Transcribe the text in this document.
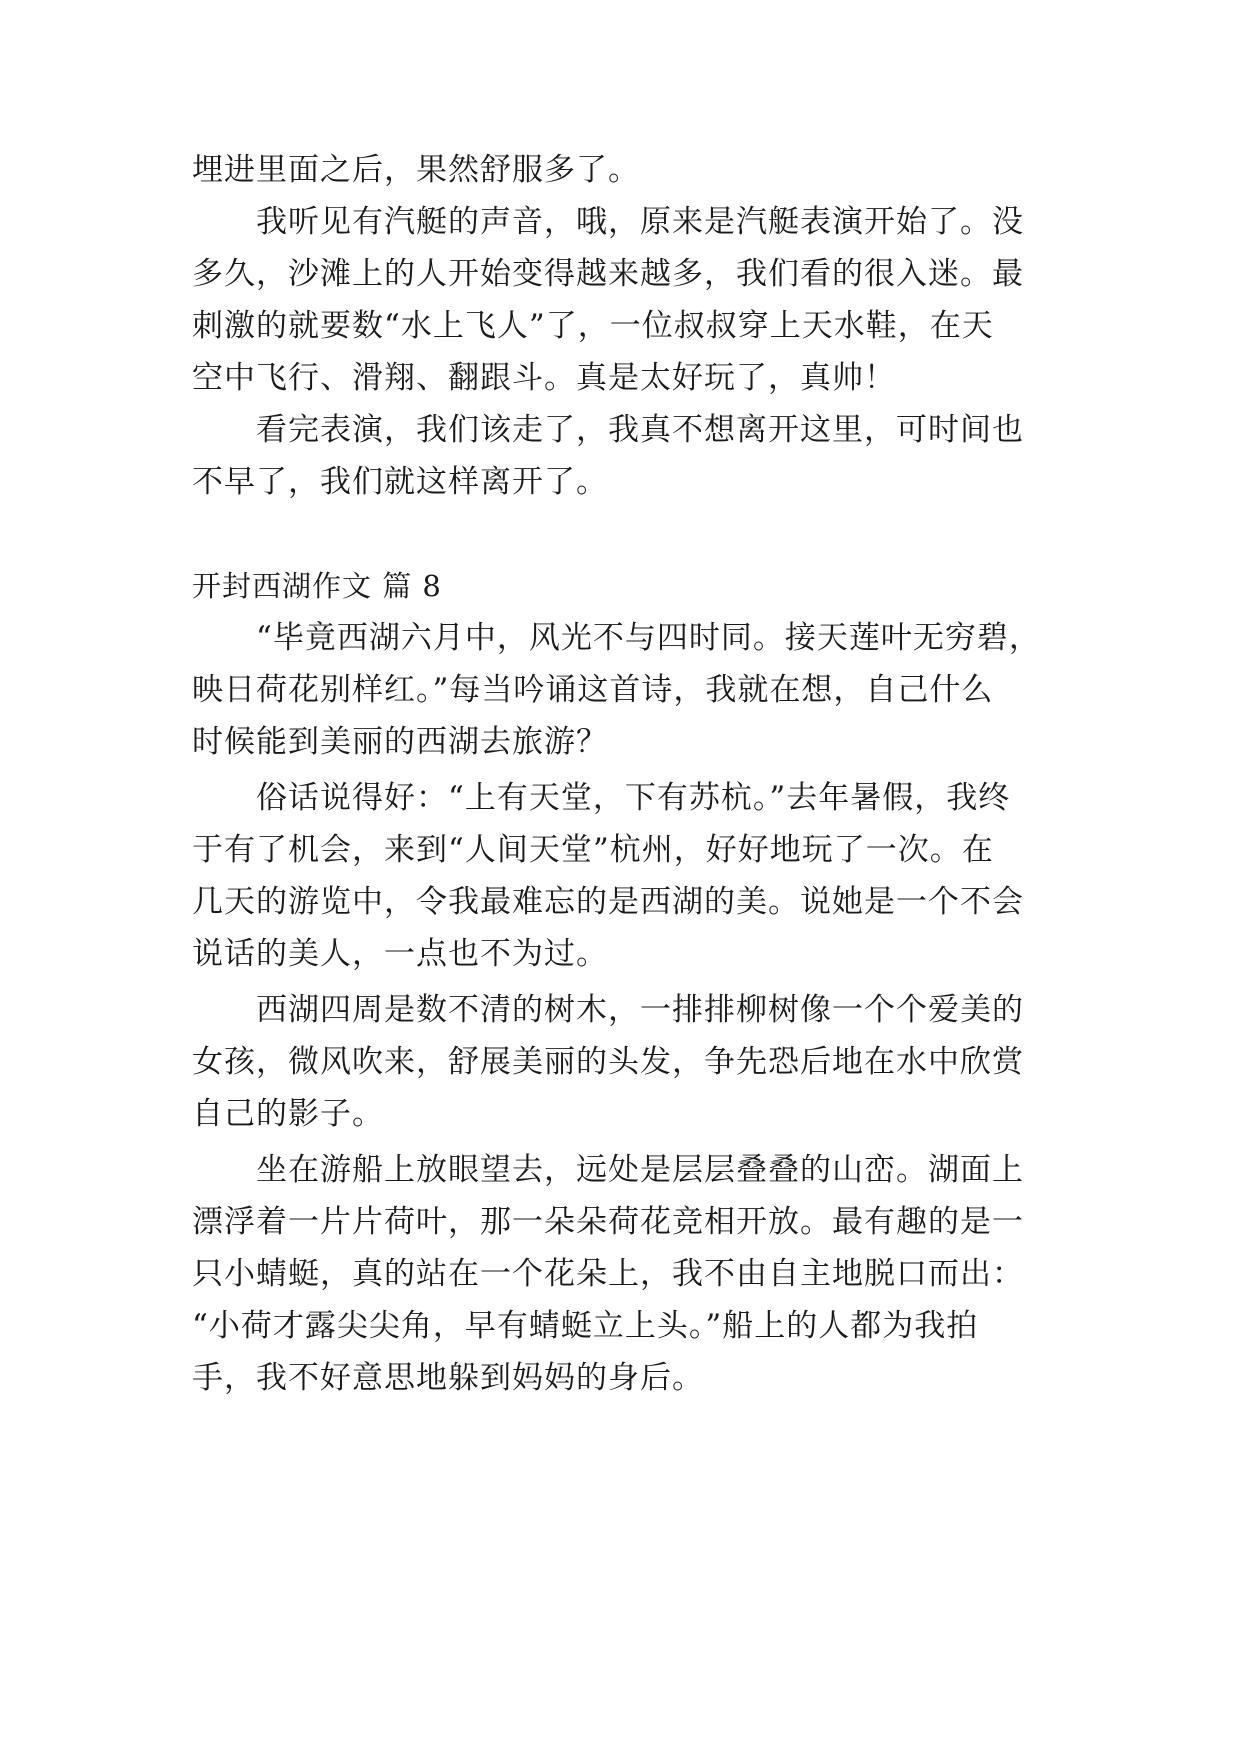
埋进里面之后，果然舒服多了。
　　我听见有汽艇的声音，哦，原来是汽艇表演开始了。没
多久，沙滩上的人开始变得越来越多，我们看的很入迷。最
刺激的就要数“水上飞人”了，一位叔叔穿上天水鞋，在天
空中飞行、滑翔、翻跟斗。真是太好玩了，真帅！
　　看完表演，我们该走了，我真不想离开这里，可时间也
不早了，我们就这样离开了。
开封西湖作文 篇 8
　　“毕竟西湖六月中，风光不与四时同。接天莲叶无穷碧，
映日荷花别样红。”每当吟诵这首诗，我就在想，自己什么
时候能到美丽的西湖去旅游？
　　俗话说得好：“上有天堂，下有苏杭。”去年暑假，我终
于有了机会，来到“人间天堂”杭州，好好地玩了一次。在
几天的游览中，令我最难忘的是西湖的美。说她是一个不会
说话的美人，一点也不为过。
　　西湖四周是数不清的树木，一排排柳树像一个个爱美的
女孩，微风吹来，舒展美丽的头发，争先恐后地在水中欣赏
自己的影子。
　　坐在游船上放眼望去，远处是层层叠叠的山峦。湖面上
漂浮着一片片荷叶，那一朵朵荷花竞相开放。最有趣的是一
只小蜻蜓，真的站在一个花朵上，我不由自主地脱口而出：
“小荷才露尖尖角，早有蜻蜓立上头。”船上的人都为我拍
手，我不好意思地躲到妈妈的身后。
